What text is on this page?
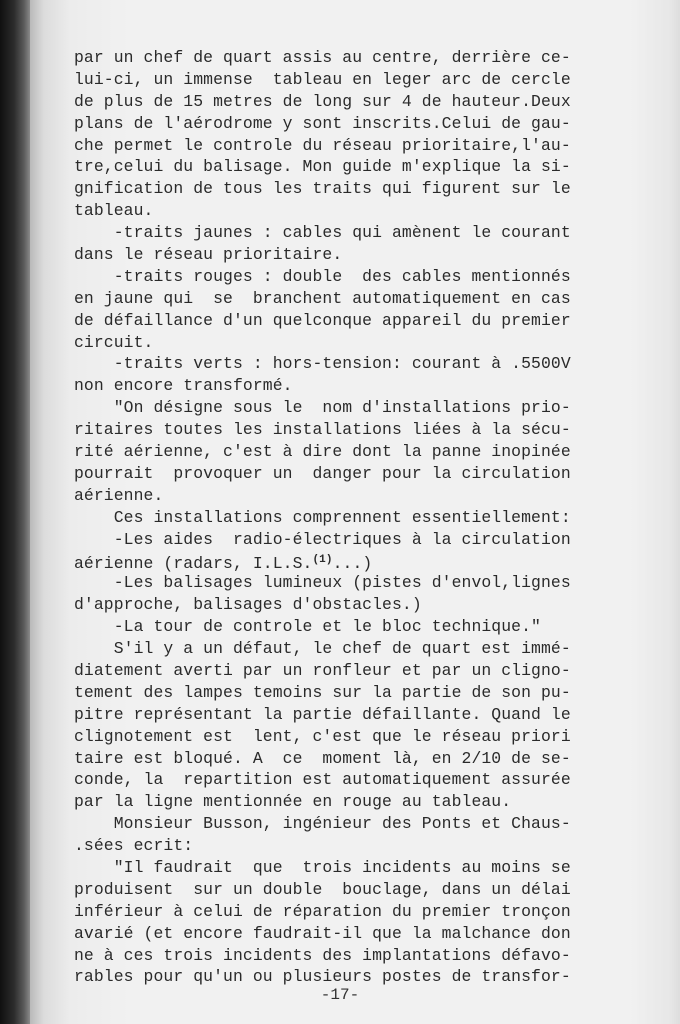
par un chef de quart assis au centre, derrière ce-
lui-ci, un immense  tableau en leger arc de cercle
de plus de 15 metres de long sur 4 de hauteur.Deux
plans de l'aérodrome y sont inscrits.Celui de gau-
che permet le controle du réseau prioritaire,l'au-
tre,celui du balisage. Mon guide m'explique la si-
gnification de tous les traits qui figurent sur le
tableau.
-traits jaunes : cables qui amènent le courant
dans le réseau prioritaire.
-traits rouges : double  des cables mentionnés
en jaune qui  se  branchent automatiquement en cas
de défaillance d'un quelconque appareil du premier
circuit.
-traits verts : hors-tension: courant à .5500V
non encore transformé.
"On désigne sous le  nom d'installations prio-
ritaires toutes les installations liées à la sécu-
rité aérienne, c'est à dire dont la panne inopinée
pourrait  provoquer un  danger pour la circulation
aérienne.
Ces installations comprennent essentiellement:
-Les aides  radio-électriques à la circulation
aérienne (radars, I.L.S.$^{(1)}$...)
-Les balisages lumineux (pistes d'envol,lignes
d'approche, balisages d'obstacles.)
-La tour de controle et le bloc technique."
S'il y a un défaut, le chef de quart est immé-
diatement averti par un ronfleur et par un cligno-
tement des lampes temoins sur la partie de son pu-
pitre représentant la partie défaillante. Quand le
clignotement est  lent, c'est que le réseau priori
taire est bloqué. A  ce  moment là, en 2/10 de se-
conde, la  repartition est automatiquement assurée
par la ligne mentionnée en rouge au tableau.
Monsieur Busson, ingénieur des Ponts et Chaus-
.sées ecrit:
"Il faudrait  que  trois incidents au moins se
produisent  sur un double  bouclage, dans un délai
inférieur à celui de réparation du premier tronçon
avarié (et encore faudrait-il que la malchance don
ne à ces trois incidents des implantations défavo-
rables pour qu'un ou plusieurs postes de transfor-
-17-
